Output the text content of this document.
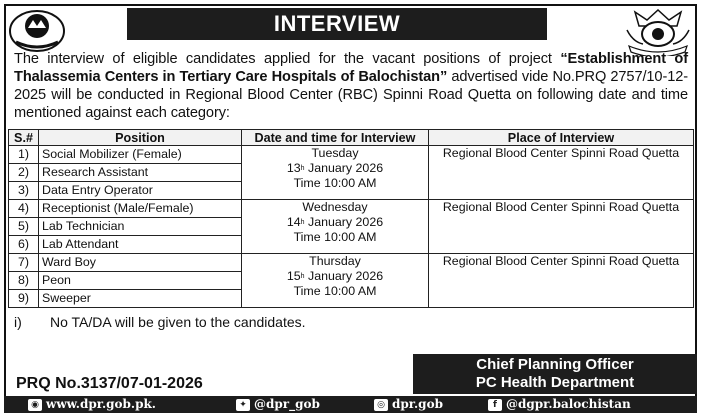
INTERVIEW

The interview of eligible candidates applied for the vacant positions of project “Establishment of Thalassemia Centers in Tertiary Care Hospitals of Balochistan” advertised vide No.PRQ 2757/10-12-2025 will be conducted in Regional Blood Center (RBC) Spinni Road Quetta on following date and time mentioned against each category:

S.#	Position	Date and time for Interview	Place of Interview
1)	Social Mobilizer (Female)	Tuesday
13$^h$ January 2026
Time 10:00 AM	Regional Blood Center Spinni Road Quetta
2)	Research Assistant		
3)	Data Entry Operator		
4)	Receptionist (Male/Female)	Wednesday
14$^h$ January 2026
Time 10:00 AM	Regional Blood Center Spinni Road Quetta
5)	Lab Technician		
6)	Lab Attendant		
7)	Ward Boy	Thursday
15$^h$ January 2026
Time 10:00 AM	Regional Blood Center Spinni Road Quetta
8)	Peon		
9)	Sweeper		
i) No TA/DA will be given to the candidates.
PRQ No.3137/07-01-2026
Chief Planning Officer
PC Health Department
◉ www.dpr.gob.pk.	✦ @dpr_gob	◎ dpr.gob	f @dgpr.balochistan
